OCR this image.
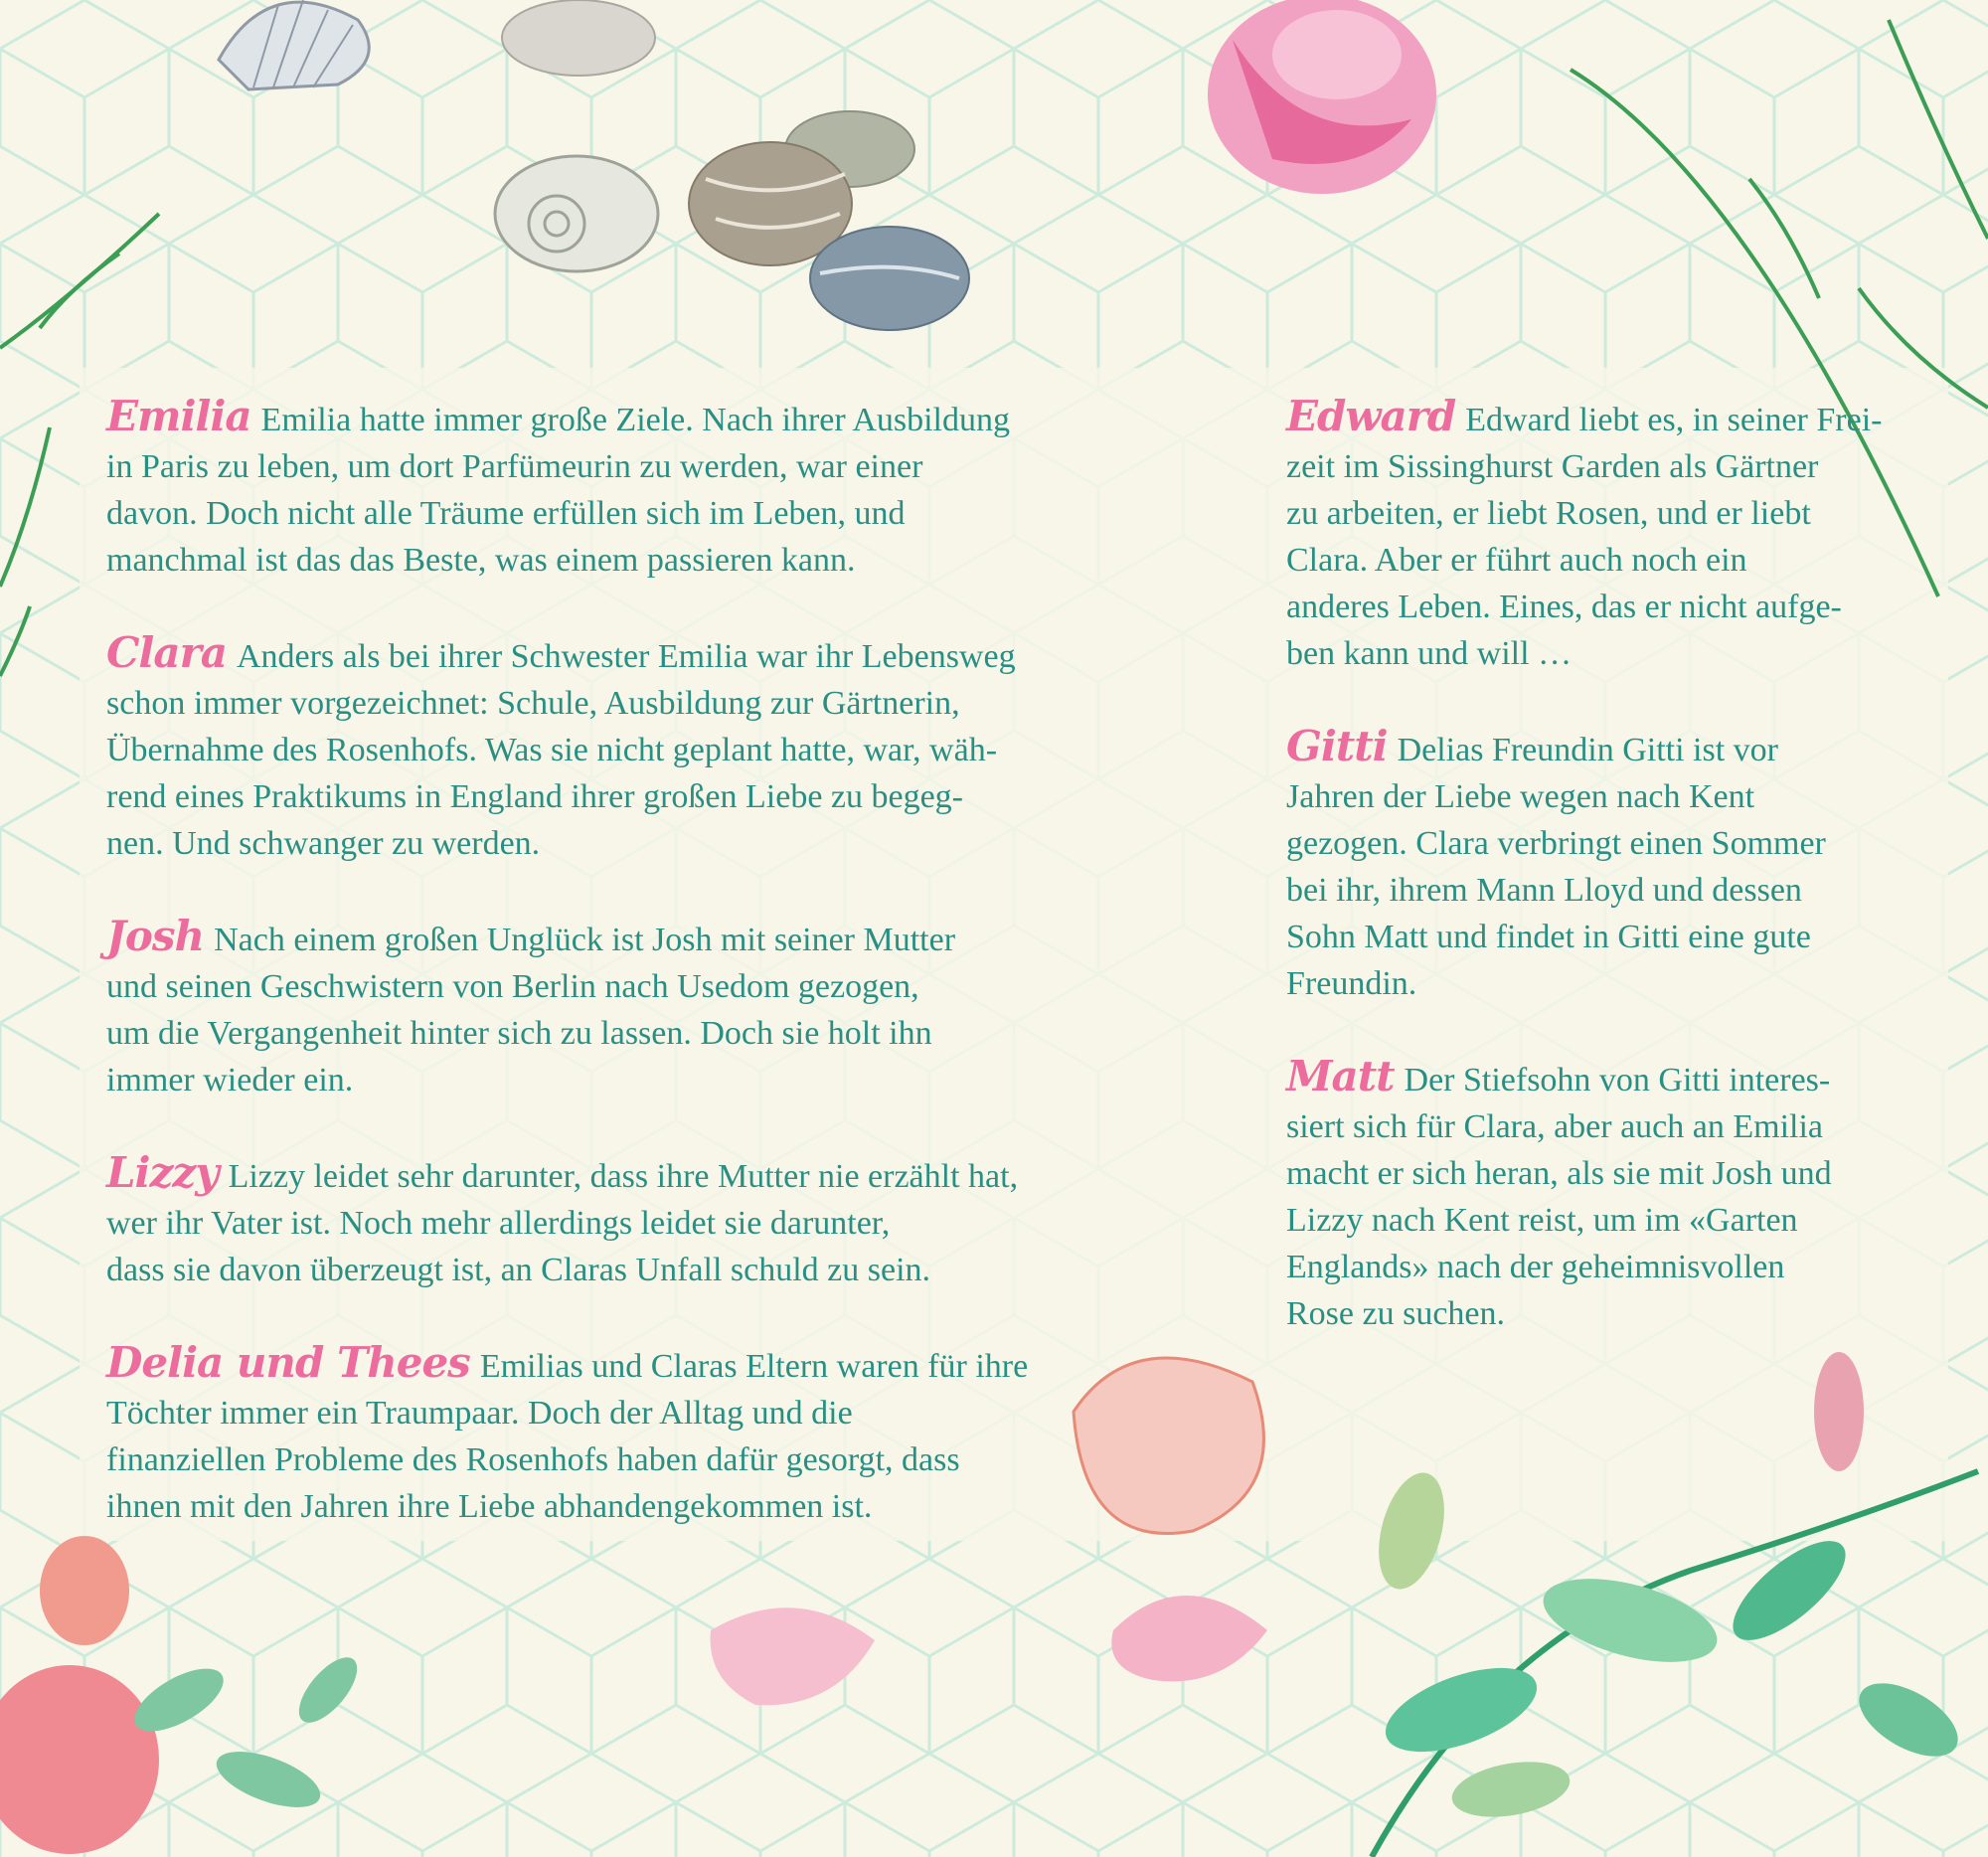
Emilia Emilia hatte immer große Ziele. Nach ihrer Ausbildung
in Paris zu leben, um dort Parfümeurin zu werden, war einer
davon. Doch nicht alle Träume erfüllen sich im Leben, und
manchmal ist das das Beste, was einem passieren kann.

Clara Anders als bei ihrer Schwester Emilia war ihr Lebensweg
schon immer vorgezeichnet: Schule, Ausbildung zur Gärtnerin,
Übernahme des Rosenhofs. Was sie nicht geplant hatte, war, wäh-
rend eines Praktikums in England ihrer großen Liebe zu begeg-
nen. Und schwanger zu werden.

Josh Nach einem großen Unglück ist Josh mit seiner Mutter
und seinen Geschwistern von Berlin nach Usedom gezogen,
um die Vergangenheit hinter sich zu lassen. Doch sie holt ihn
immer wieder ein.

Lizzy Lizzy leidet sehr darunter, dass ihre Mutter nie erzählt hat,
wer ihr Vater ist. Noch mehr allerdings leidet sie darunter,
dass sie davon überzeugt ist, an Claras Unfall schuld zu sein.

Delia und Thees Emilias und Claras Eltern waren für ihre
Töchter immer ein Traumpaar. Doch der Alltag und die
finanziellen Probleme des Rosenhofs haben dafür gesorgt, dass
ihnen mit den Jahren ihre Liebe abhandengekommen ist.

Edward Edward liebt es, in seiner Frei-
zeit im Sissinghurst Garden als Gärtner
zu arbeiten, er liebt Rosen, und er liebt
Clara. Aber er führt auch noch ein
anderes Leben. Eines, das er nicht aufge-
ben kann und will …

Gitti Delias Freundin Gitti ist vor
Jahren der Liebe wegen nach Kent
gezogen. Clara verbringt einen Sommer
bei ihr, ihrem Mann Lloyd und dessen
Sohn Matt und findet in Gitti eine gute
Freundin.

Matt Der Stiefsohn von Gitti interes-
siert sich für Clara, aber auch an Emilia
macht er sich heran, als sie mit Josh und
Lizzy nach Kent reist, um im «Garten
Englands» nach der geheimnisvollen
Rose zu suchen.
